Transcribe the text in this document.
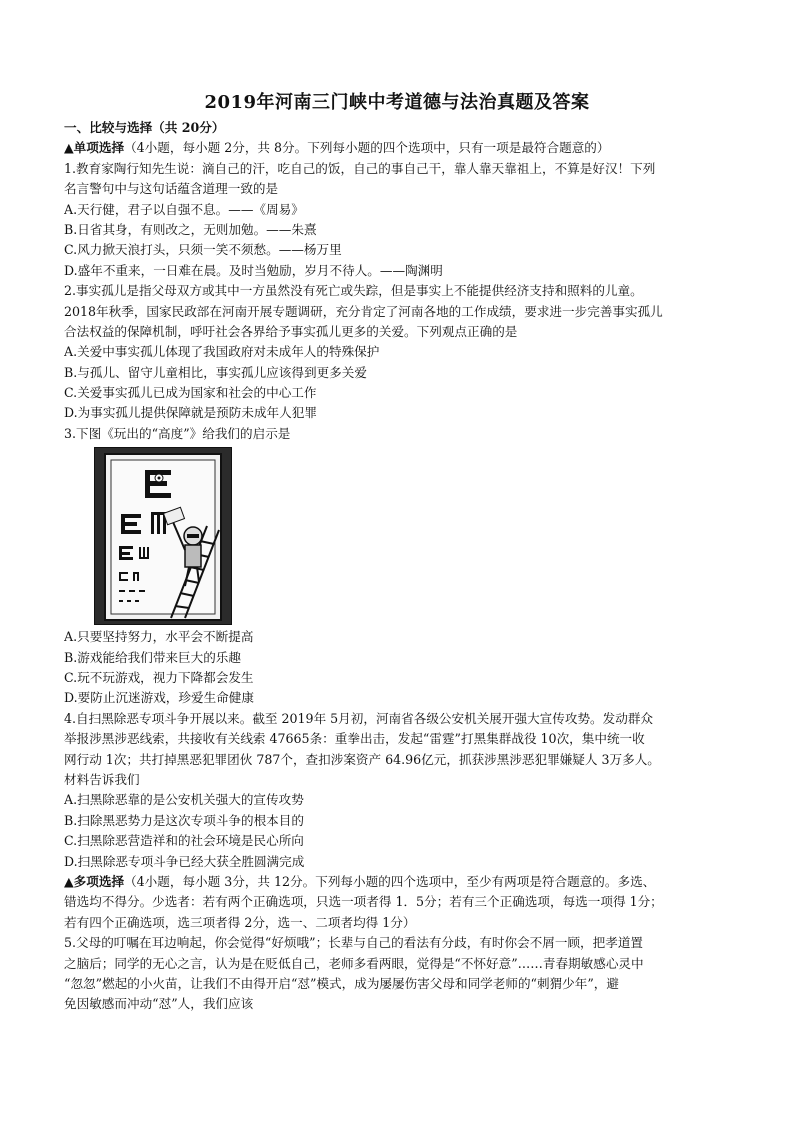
2019年河南三门峡中考道德与法治真题及答案
一、比较与选择（共 20分）
▲单项选择（4小题，每小题 2分，共 8分。下列每小题的四个选项中，只有一项是最符合题意的）
1.教育家陶行知先生说：滴自己的汗，吃自己的饭，自己的事自己干，靠人靠天靠祖上，不算是好汉！下列
名言警句中与这句话蕴含道理一致的是
A.天行健，君子以自强不息。——《周易》
B.日省其身，有则改之，无则加勉。——朱熹
C.风力掀天浪打头，只须一笑不须愁。——杨万里
D.盛年不重来，一日难在晨。及时当勉励，岁月不待人。——陶渊明
2.事实孤儿是指父母双方或其中一方虽然没有死亡或失踪，但是事实上不能提供经济支持和照料的儿童。
2018年秋季，国家民政部在河南开展专题调研，充分肯定了河南各地的工作成绩，要求进一步完善事实孤儿
合法权益的保障机制，呼吁社会各界给予事实孤儿更多的关爱。下列观点正确的是
A.关爱中事实孤儿体现了我国政府对未成年人的特殊保护
B.与孤儿、留守儿童相比，事实孤儿应该得到更多关爱
C.关爱事实孤儿已成为国家和社会的中心工作
D.为事实孤儿提供保障就是预防未成年人犯罪
3.下图《玩出的“高度”》给我们的启示是
A.只要坚持努力，水平会不断提高
B.游戏能给我们带来巨大的乐趣
C.玩不玩游戏，视力下降都会发生
D.要防止沉迷游戏，珍爱生命健康
4.自扫黑除恶专项斗争开展以来。截至 2019年 5月初，河南省各级公安机关展开强大宣传攻势。发动群众
举报涉黑涉恶线索，共接收有关线索 47665条：重拳出击，发起“雷霆”打黑集群战役 10次，集中统一收
网行动 1次；共打掉黑恶犯罪团伙 787个，查扣涉案资产 64.96亿元，抓获涉黑涉恶犯罪嫌疑人 3万多人。
材料告诉我们
A.扫黑除恶靠的是公安机关强大的宣传攻势
B.扫除黑恶势力是这次专项斗争的根本目的
C.扫黑除恶营造祥和的社会环境是民心所向
D.扫黑除恶专项斗争已经大获全胜圆满完成
▲多项选择（4小题，每小题 3分，共 12分。下列每小题的四个选项中，至少有两项是符合题意的。多选、
错选均不得分。少选者：若有两个正确选项，只选一项者得 1．5分；若有三个正确选项，每选一项得 1分；
若有四个正确选项，选三项者得 2分，选一、二项者均得 1分）
5.父母的叮嘱在耳边响起，你会觉得“好烦哦”；长辈与自己的看法有分歧，有时你会不屑一顾，把孝道置
之脑后；同学的无心之言，认为是在贬低自己，老师多看两眼，觉得是“不怀好意”……青春期敏感心灵中
“忽忽”燃起的小火苗，让我们不由得开启“怼”模式，成为屡屡伤害父母和同学老师的“刺猬少年”，避
免因敏感而冲动“怼”人，我们应该
